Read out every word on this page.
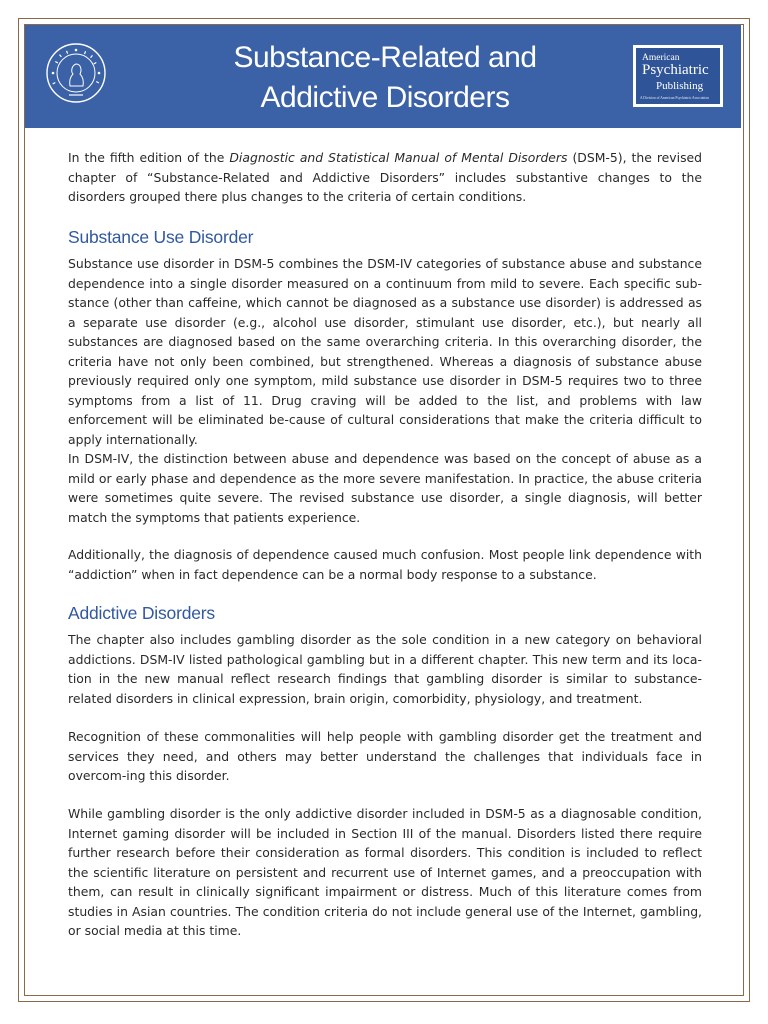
Substance-Related and
Addictive Disorders
American
Psychiatric
Publishing
A Division of American Psychiatric Association

In the fifth edition of the Diagnostic and Statistical Manual of Mental Disorders (DSM-5), the revised chapter of “Substance-Related and Addictive Disorders” includes substantive changes to the disorders grouped there plus changes to the criteria of certain conditions.

Substance Use Disorder
Substance use disorder in DSM-5 combines the DSM-IV categories of substance abuse and substance dependence into a single disorder measured on a continuum from mild to severe. Each specific sub-stance (other than caffeine, which cannot be diagnosed as a substance use disorder) is addressed as a separate use disorder (e.g., alcohol use disorder, stimulant use disorder, etc.), but nearly all substances are diagnosed based on the same overarching criteria. In this overarching disorder, the criteria have not only been combined, but strengthened. Whereas a diagnosis of substance abuse previously required only one symptom, mild substance use disorder in DSM-5 requires two to three symptoms from a list of 11. Drug craving will be added to the list, and problems with law enforcement will be eliminated be-cause of cultural considerations that make the criteria difficult to apply internationally.
In DSM-IV, the distinction between abuse and dependence was based on the concept of abuse as a mild or early phase and dependence as the more severe manifestation. In practice, the abuse criteria were sometimes quite severe. The revised substance use disorder, a single diagnosis, will better match the symptoms that patients experience.
Additionally, the diagnosis of dependence caused much confusion. Most people link dependence with “addiction” when in fact dependence can be a normal body response to a substance.
Addictive Disorders
The chapter also includes gambling disorder as the sole condition in a new category on behavioral addictions. DSM-IV listed pathological gambling but in a different chapter. This new term and its loca-tion in the new manual reflect research findings that gambling disorder is similar to substance-related disorders in clinical expression, brain origin, comorbidity, physiology, and treatment.
Recognition of these commonalities will help people with gambling disorder get the treatment and services they need, and others may better understand the challenges that individuals face in overcom-ing this disorder.
While gambling disorder is the only addictive disorder included in DSM-5 as a diagnosable condition, Internet gaming disorder will be included in Section III of the manual. Disorders listed there require further research before their consideration as formal disorders. This condition is included to reflect the scientific literature on persistent and recurrent use of Internet games, and a preoccupation with them, can result in clinically significant impairment or distress. Much of this literature comes from studies in Asian countries. The condition criteria do not include general use of the Internet, gambling, or social media at this time.
